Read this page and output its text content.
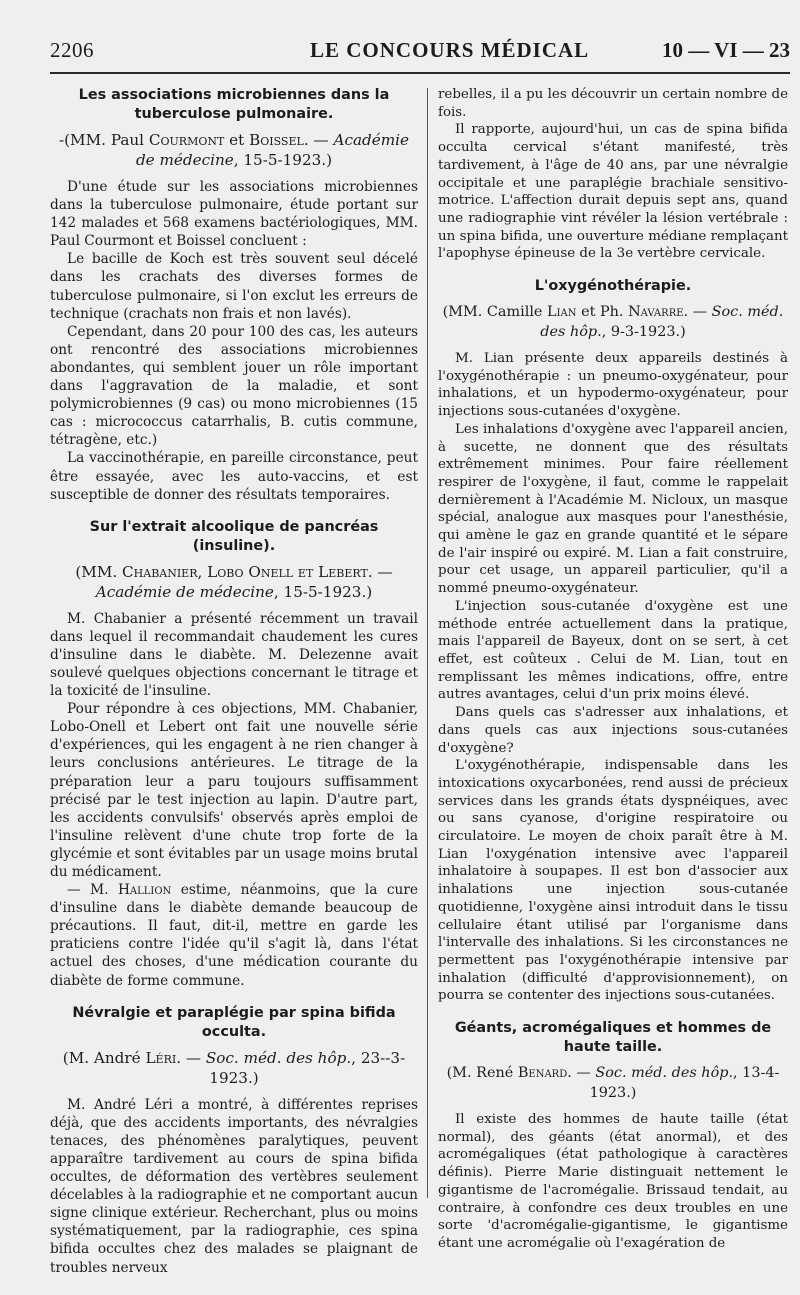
2206	LE CONCOURS MÉDICAL	10 — VI — 23
Les associations microbiennes dans la tuberculose pulmonaire.
-(MM. Paul Courmont et Boissel. — Académie de médecine, 15-5-1923.)

D'une étude sur les associations microbiennes dans la tuberculose pulmonaire, étude portant sur 142 malades et 568 examens bactériologiques, MM. Paul Courmont et Boissel concluent :

Le bacille de Koch est très souvent seul décelé dans les crachats des diverses formes de tuberculose pulmonaire, si l'on exclut les erreurs de technique (crachats non frais et non lavés).

Cependant, dans 20 pour 100 des cas, les auteurs ont rencontré des associations microbiennes abondantes, qui semblent jouer un rôle important dans l'aggravation de la maladie, et sont polymicrobiennes (9 cas) ou mono microbiennes (15 cas : micrococcus catarrhalis, B. cutis commune, tétragène, etc.)

La vaccinothérapie, en pareille circonstance, peut être essayée, avec les auto-vaccins, et est susceptible de donner des résultats temporaires.

Sur l'extrait alcoolique de pancréas (insuline).
(MM. Chabanier, Lobo Onell et Lebert. — Académie de médecine, 15-5-1923.)

M. Chabanier a présenté récemment un travail dans lequel il recommandait chaudement les cures d'insuline dans le diabète. M. Delezenne avait soulevé quelques objections concernant le titrage et la toxicité de l'insuline.

Pour répondre à ces objections, MM. Chabanier, Lobo-Onell et Lebert ont fait une nouvelle série d'expériences, qui les engagent à ne rien changer à leurs conclusions antérieures. Le titrage de la préparation leur a paru toujours suffisamment précisé par le test injection au lapin. D'autre part, les accidents convulsifs' observés après emploi de l'insuline relèvent d'une chute trop forte de la glycémie et sont évitables par un usage moins brutal du médicament.

— M. Hallion estime, néanmoins, que la cure d'insuline dans le diabète demande beaucoup de précautions. Il faut, dit-il, mettre en garde les praticiens contre l'idée qu'il s'agit là, dans l'état actuel des choses, d'une médication courante du diabète de forme commune.

Névralgie et paraplégie par spina bifida occulta.
(M. André Léri. — Soc. méd. des hôp., 23--3-1923.)

M. André Léri a montré, à différentes reprises déjà, que des accidents importants, des névralgies tenaces, des phénomènes paralytiques, peuvent apparaître tardivement au cours de spina bifida occultes, de déformation des vertèbres seulement décelables à la radiographie et ne comportant aucun signe clinique extérieur. Recherchant, plus ou moins systématiquement, par la radiographie, ces spina bifida occultes chez des malades se plaignant de troubles nerveux

rebelles, il a pu les découvrir un certain nombre de fois.

Il rapporte, aujourd'hui, un cas de spina bifida occulta cervical s'étant manifesté, très tardivement, à l'âge de 40 ans, par une névralgie occipitale et une paraplégie brachiale sensitivo-motrice. L'affection durait depuis sept ans, quand une radiographie vint révéler la lésion vertébrale : un spina bifida, une ouverture médiane remplaçant l'apophyse épineuse de la 3e vertèbre cervicale.

L'oxygénothérapie.
(MM. Camille Lian et Ph. Navarre. — Soc. méd. des hôp., 9-3-1923.)

M. Lian présente deux appareils destinés à l'oxygénothérapie : un pneumo-oxygénateur, pour inhalations, et un hypodermo-oxygénateur, pour injections sous-cutanées d'oxygène.

Les inhalations d'oxygène avec l'appareil ancien, à sucette, ne donnent que des résultats extrêmement minimes. Pour faire réellement respirer de l'oxygène, il faut, comme le rappelait dernièrement à l'Académie M. Nicloux, un masque spécial, analogue aux masques pour l'anesthésie, qui amène le gaz en grande quantité et le sépare de l'air inspiré ou expiré. M. Lian a fait construire, pour cet usage, un appareil particulier, qu'il a nommé pneumo-oxygénateur.

L'injection sous-cutanée d'oxygène est une méthode entrée actuellement dans la pratique, mais l'appareil de Bayeux, dont on se sert, à cet effet, est coûteux . Celui de M. Lian, tout en remplissant les mêmes indications, offre, entre autres avantages, celui d'un prix moins élevé.

Dans quels cas s'adresser aux inhalations, et dans quels cas aux injections sous-cutanées d'oxygène?

L'oxygénothérapie, indispensable dans les intoxications oxycarbonées, rend aussi de précieux services dans les grands états dyspnéiques, avec ou sans cyanose, d'origine respiratoire ou circulatoire. Le moyen de choix paraît être à M. Lian l'oxygénation intensive avec l'appareil inhalatoire à soupapes. Il est bon d'associer aux inhalations une injection sous-cutanée quotidienne, l'oxygène ainsi introduit dans le tissu cellulaire étant utilisé par l'organisme dans l'intervalle des inhalations. Si les circonstances ne permettent pas l'oxygénothérapie intensive par inhalation (difficulté d'approvisionnement), on pourra se contenter des injections sous-cutanées.

Géants, acromégaliques et hommes de haute taille.
(M. René Benard. — Soc. méd. des hôp., 13-4-1923.)

Il existe des hommes de haute taille (état normal), des géants (état anormal), et des acromégaliques (état pathologique à caractères définis). Pierre Marie distinguait nettement le gigantisme de l'acromégalie. Brissaud tendait, au contraire, à confondre ces deux troubles en une sorte 'd'acromégalie-gigantisme, le gigantisme étant une acromégalie où l'exagération de
